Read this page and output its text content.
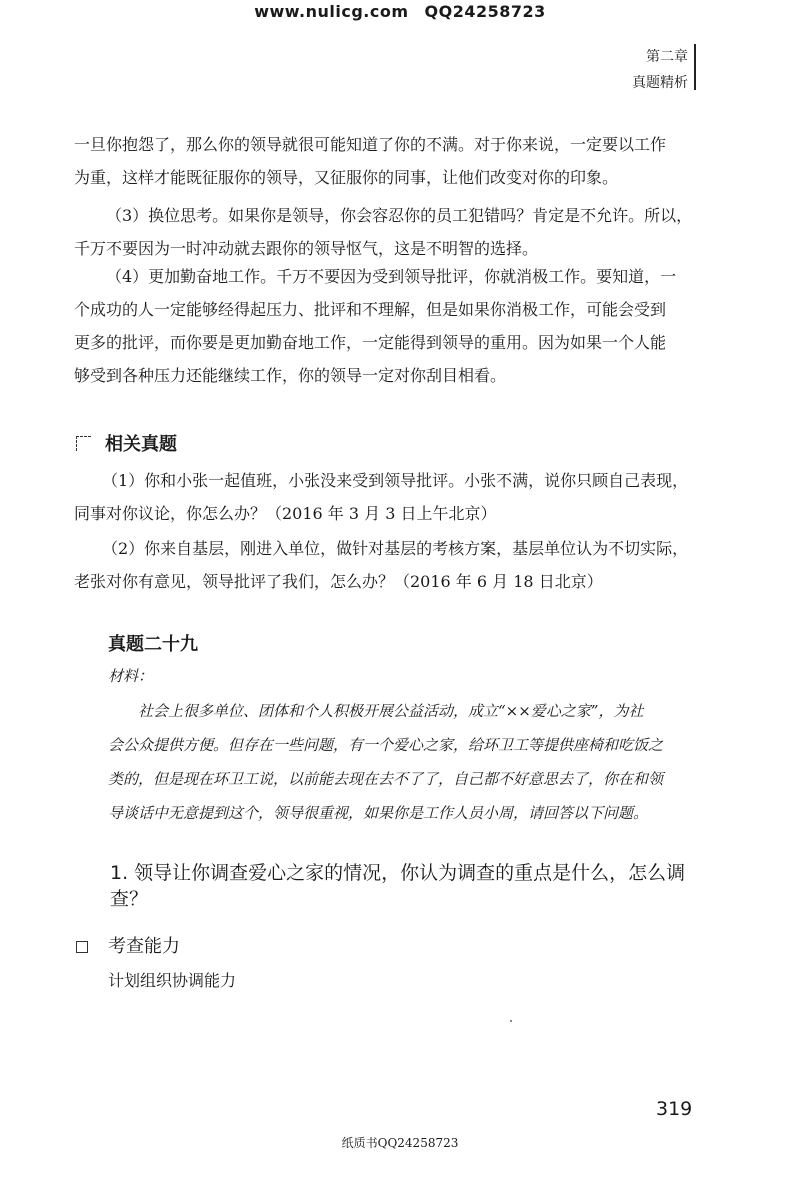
www.nulicg.com QQ24258723
第二章
真题精析
一旦你抱怨了，那么你的领导就很可能知道了你的不满。对于你来说，一定要以工作
为重，这样才能既征服你的领导，又征服你的同事，让他们改变对你的印象。
（3）换位思考。如果你是领导，你会容忍你的员工犯错吗？肯定是不允许。所以，
千万不要因为一时冲动就去跟你的领导怄气，这是不明智的选择。
（4）更加勤奋地工作。千万不要因为受到领导批评，你就消极工作。要知道，一
个成功的人一定能够经得起压力、批评和不理解，但是如果你消极工作，可能会受到
更多的批评，而你要是更加勤奋地工作，一定能得到领导的重用。因为如果一个人能
够受到各种压力还能继续工作，你的领导一定对你刮目相看。
相关真题
（1）你和小张一起值班，小张没来受到领导批评。小张不满，说你只顾自己表现，
同事对你议论，你怎么办？（2016 年 3 月 3 日上午北京）
（2）你来自基层，刚进入单位，做针对基层的考核方案，基层单位认为不切实际，
老张对你有意见，领导批评了我们，怎么办？（2016 年 6 月 18 日北京）
真题二十九
材料：
社会上很多单位、团体和个人积极开展公益活动，成立“××爱心之家”，为社
会公众提供方便。但存在一些问题，有一个爱心之家，给环卫工等提供座椅和吃饭之
类的，但是现在环卫工说，以前能去现在去不了了，自己都不好意思去了，你在和领
导谈话中无意提到这个，领导很重视，如果你是工作人员小周，请回答以下问题。
1. 领导让你调查爱心之家的情况，你认为调查的重点是什么，怎么调查？
考查能力
计划组织协调能力
319
纸质书QQ24258723
